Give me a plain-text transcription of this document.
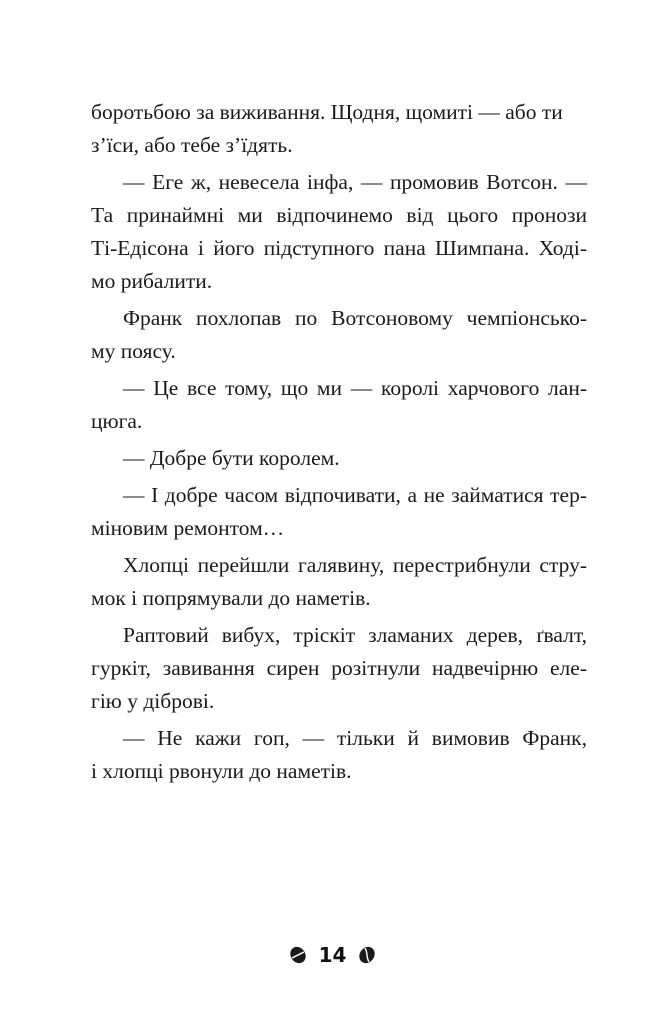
боротьбою за виживання. Щодня, щомиті — або ти
з’їси, або тебе з’їдять.
— Еге ж, невесела інфа, — промовив Вотсон. —
Та принаймні ми відпочинемо від цього пронози
Ті-Едісона і його підступного пана Шимпана. Ході-
мо рибалити.
Франк похлопав по Вотсоновому чемпіонсько-
му поясу.
— Це все тому, що ми — королі харчового лан-
цюга.
— Добре бути королем.
— І добре часом відпочивати, а не займатися тер-
міновим ремонтом…
Хлопці перейшли галявину, перестрибнули стру-
мок і попрямували до наметів.
Раптовий вибух, тріскіт зламаних дерев, ґвалт,
гуркіт, завивання сирен розітнули надвечірню еле-
гію у діброві.
— Не кажи гоп, — тільки й вимовив Франк,
і хлопці рвонули до наметів.
14
